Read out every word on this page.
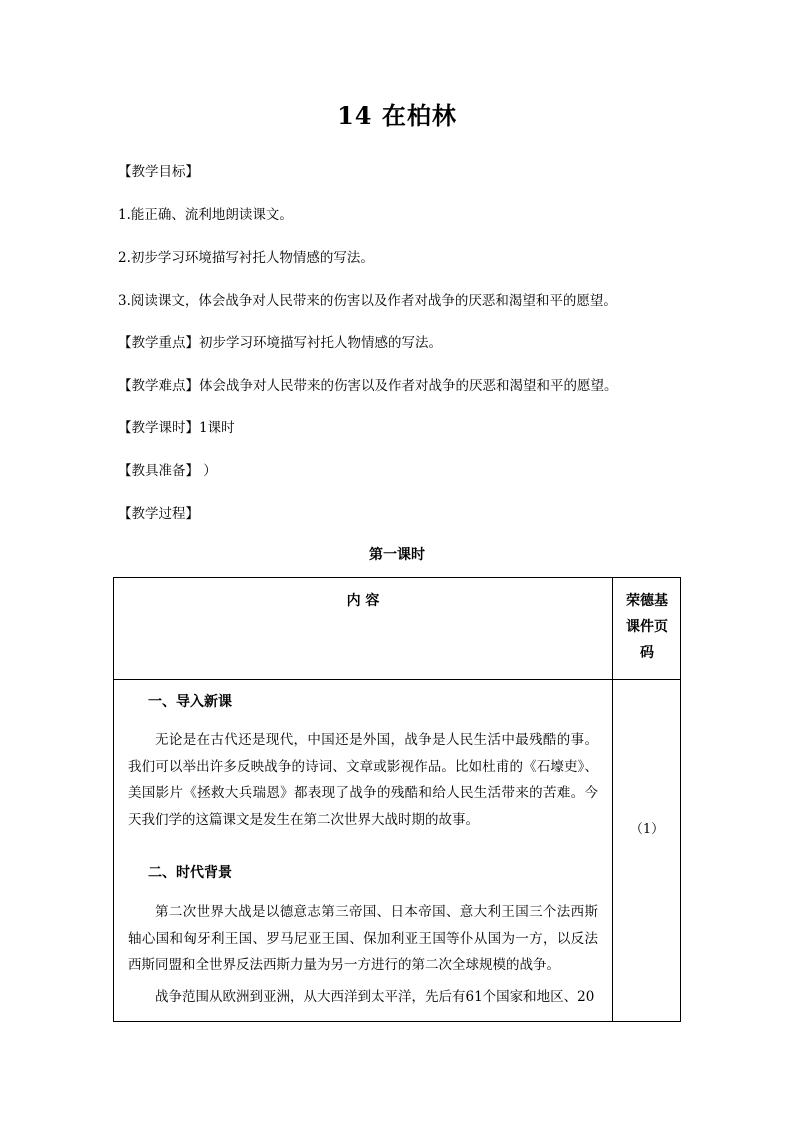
14 在柏林
【教学目标】
1.能正确、流利地朗读课文。
2.初步学习环境描写衬托人物情感的写法。
3.阅读课文，体会战争对人民带来的伤害以及作者对战争的厌恶和渴望和平的愿望。
【教学重点】初步学习环境描写衬托人物情感的写法。
【教学难点】体会战争对人民带来的伤害以及作者对战争的厌恶和渴望和平的愿望。
【教学课时】1课时
【教具准备】 ）
【教学过程】
第一课时
内 容	荣德基
课件页
码
（1）
一、导入新课
无论是在古代还是现代，中国还是外国，战争是人民生活中最残酷的事。我们可以举出许多反映战争的诗词、文章或影视作品。比如杜甫的《石壕吏》、美国影片《拯救大兵瑞恩》都表现了战争的残酷和给人民生活带来的苦难。今天我们学的这篇课文是发生在第二次世界大战时期的故事。
二、时代背景
第二次世界大战是以德意志第三帝国、日本帝国、意大利王国三个法西斯轴心国和匈牙利王国、罗马尼亚王国、保加利亚王国等仆从国为一方，以反法西斯同盟和全世界反法西斯力量为另一方进行的第二次全球规模的战争。
战争范围从欧洲到亚洲，从大西洋到太平洋，先后有61个国家和地区、20
